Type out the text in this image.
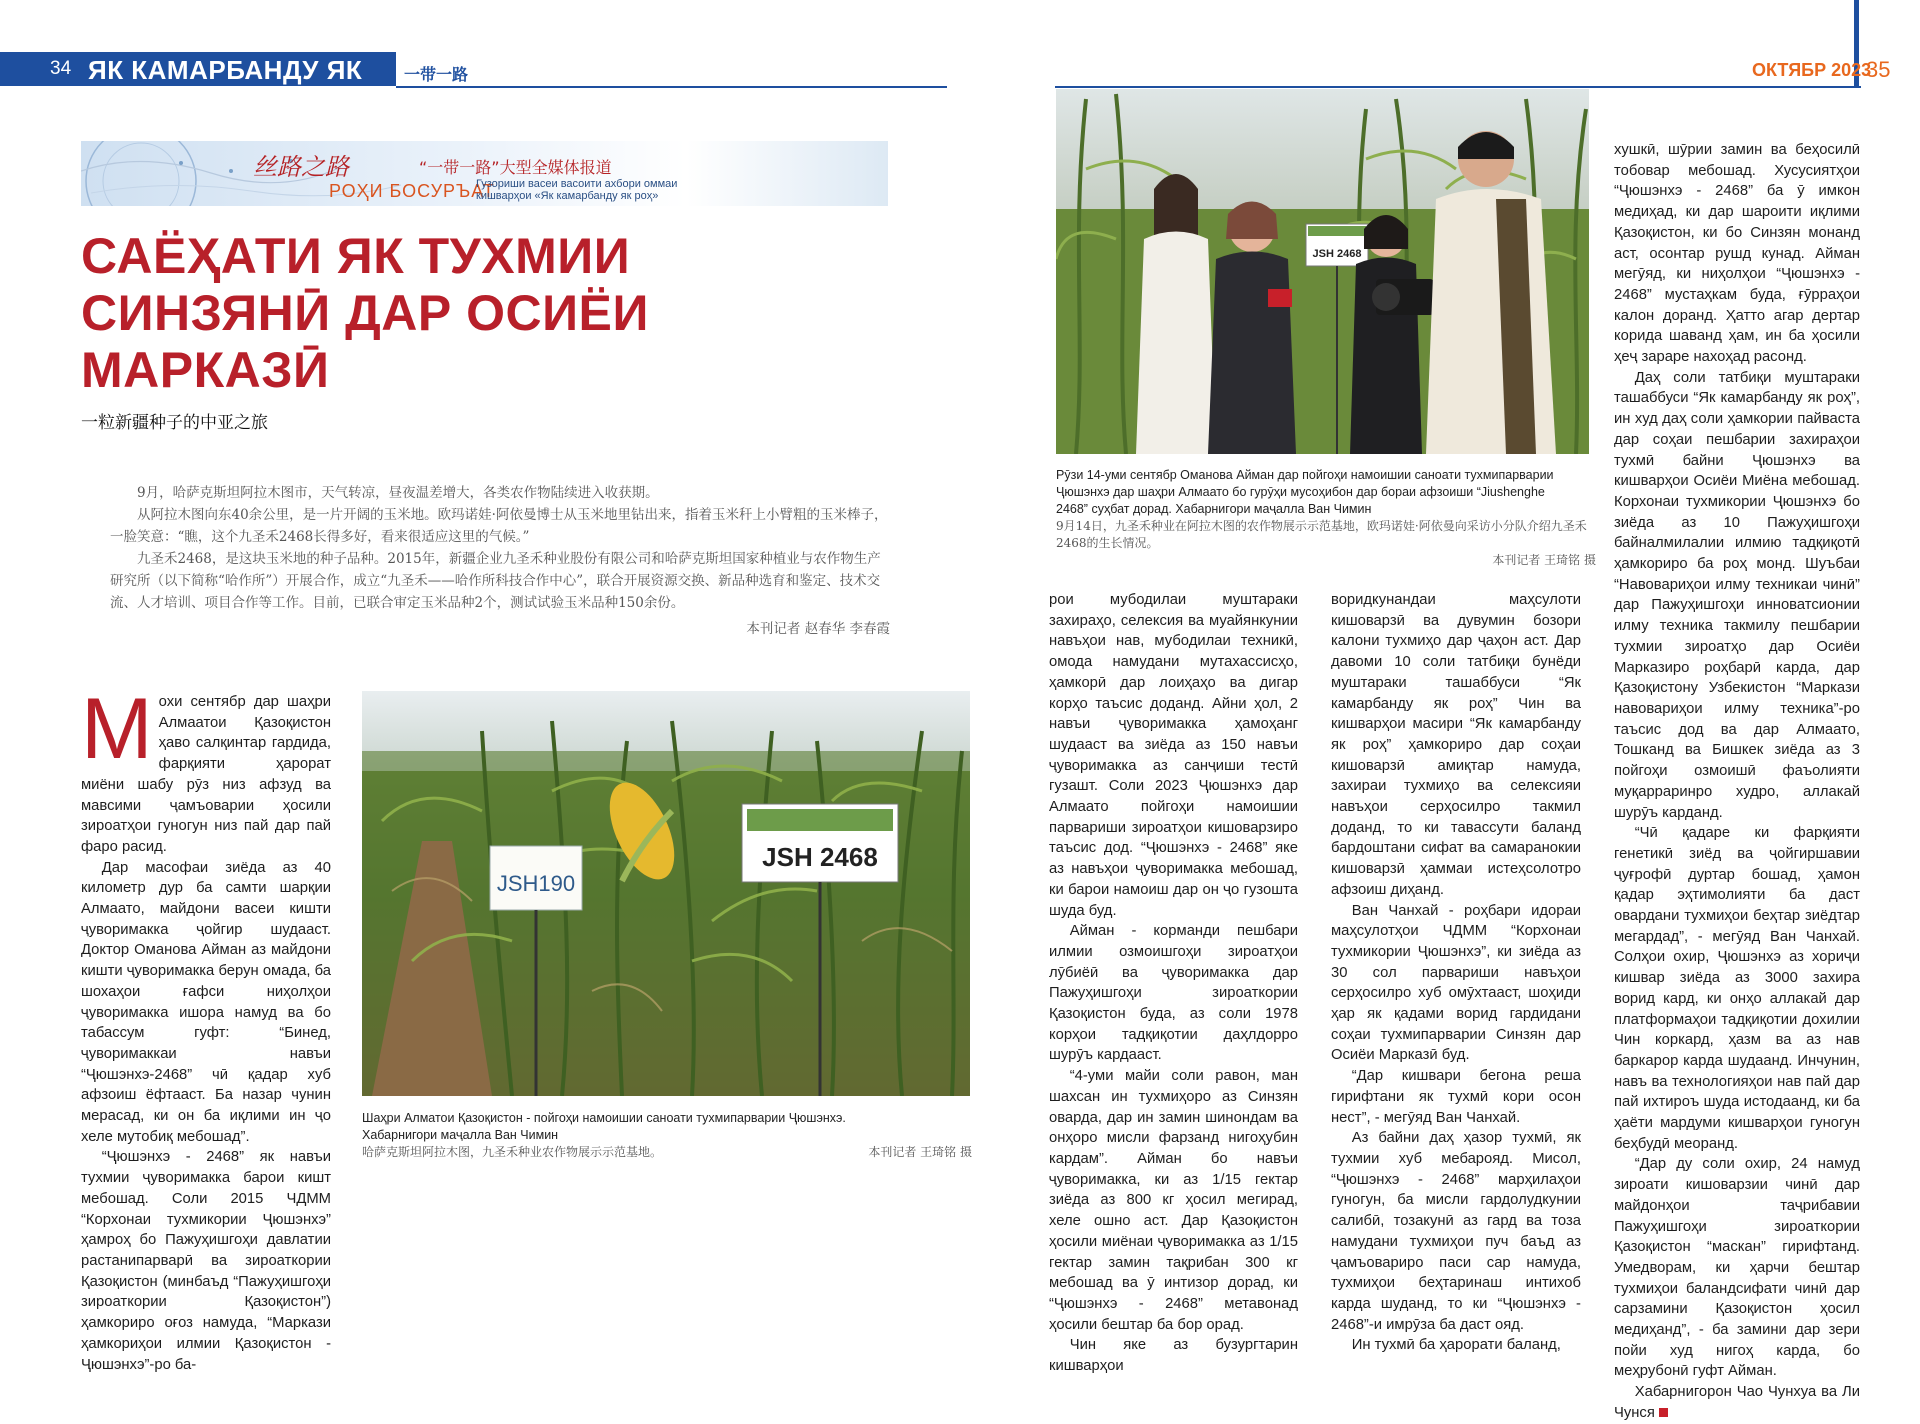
34 ЯК КАМАРБАНДУ ЯК РОҲ
一带一路	ОКТЯБР 2023
35
丝路之路	“一带一路”大型全媒体报道
РОҲИ БОСУРЪАТ
Гузориши васеи васоити ахбори оммаи
кишварҳои «Як камарбанду як роҳ»
САЁҲАТИ ЯК ТУХМИИ
СИНЗЯНӢ ДАР ОСИЁИ
МАРКАЗӢ
一粒新疆种子的中亚之旅

9月，哈萨克斯坦阿拉木图市，天气转凉，昼夜温差增大，各类农作物陆续进入收获期。

从阿拉木图向东40余公里，是一片开阔的玉米地。欧玛诺娃·阿依曼博士从玉米地里钻出来，指着玉米秆上小臂粗的玉米棒子，一脸笑意：“瞧，这个九圣禾2468长得多好，看来很适应这里的气候。”

九圣禾2468，是这块玉米地的种子品种。2015年，新疆企业九圣禾种业股份有限公司和哈萨克斯坦国家种植业与农作物生产研究所（以下简称“哈作所”）开展合作，成立“九圣禾——哈作所科技合作中心”，联合开展资源交换、新品种选育和鉴定、技术交流、人才培训、项目合作等工作。目前，已联合审定玉米品种2个，测试试验玉米品种150余份。

本刊记者 赵春华 李春霞

JSH190
JSH 2468
Шаҳри Алматои Қазоқистон - пойгоҳи намоишии саноати тухмипарварии Ҷюшэнхэ.
Хабарнигори маҷалла Ван Чимин
哈萨克斯坦阿拉木图，九圣禾种业农作物展示示范基地。	本刊记者 王琦铭 摄
JSH 2468
Рӯзи 14-уми сентябр Оманова Айман дар пойгоҳи намоишии саноати тухмипарварии
Ҷюшэнхэ дар шаҳри Алмаато бо гурӯҳи мусоҳибон дар бораи афзоиши “Jiushenghe
2468” суҳбат дорад. Хабарнигори маҷалла Ван Чимин
9月14日，九圣禾种业在阿拉木图的农作物展示示范基地，欧玛诺娃·阿依曼向采访小分队介绍九圣禾2468的生长情况。

本刊记者 王琦铭 摄

Мохи сентябр дар шаҳри Алмаатои Қазоқистон ҳаво салқинтар гардида, фарқияти ҳарорат миёни шабу рӯз низ афзуд ва мавсими ҷамъоварии ҳосили зироатҳои гуногун низ пай дар пай фаро расид.

Дар масофаи зиёда аз 40 километр дур ба самти шарқии Алмаато, майдони васеи кишти ҷуворимакка ҷойгир шудааст. Доктор Оманова Айман аз майдони кишти ҷуворимакка берун омада, ба шохаҳои ғафси ниҳолҳои ҷуворимакка ишора намуд ва бо табассум гуфт: “Бинед, ҷуворимаккаи навъи “Ҷюшэнхэ-2468” чӣ қадар хуб афзоиш ёфтааст. Ба назар чунин мерасад, ки он ба иқлими ин ҷо хеле мутобиқ мебошад”.

“Ҷюшэнхэ - 2468” як навъи тухмии ҷуворимакка барои кишт мебошад. Соли 2015 ЧДММ “Корхонаи тухмикории Ҷюшэнхэ” ҳамроҳ бо Пажуҳишгоҳи давлатии растанипарварӣ ва зироаткории Қазоқистон (минбаъд “Пажуҳишгоҳи зироаткории Қазоқистон”) ҳамкориро оғоз намуда, “Маркази ҳамкориҳои илмии Қазоқистон - Ҷюшэнхэ”-ро ба-

рои мубодилаи муштараки захираҳо, селексия ва муайянкунии навъҳои нав, мубодилаи техникӣ, омода намудани мутахассисҳо, ҳамкорӣ дар лоиҳаҳо ва дигар корҳо таъсис доданд. Айни ҳол, 2 навъи ҷуворимакка ҳамоҳанг шудааст ва зиёда аз 150 навъи ҷуворимакка аз санҷиши тестӣ гузашт. Соли 2023 Ҷюшэнхэ дар Алмаато пойгоҳи намоишии парвариши зироатҳои кишоварзиро таъсис дод. “Ҷюшэнхэ - 2468” яке аз навъҳои ҷуворимакка мебошад, ки барои намоиш дар он ҷо гузошта шуда буд.

Айман - корманди пешбари илмии озмоишгоҳи зироатҳои лӯбиёӣ ва ҷуворимакка дар Пажуҳишгоҳи зироаткории Қазоқистон буда, аз соли 1978 корҳои тадқиқотии даҳлдорро шурӯъ кардааст.

“4-уми майи соли равон, ман шахсан ин тухмиҳоро аз Синзян оварда, дар ин замин шинондам ва онҳоро мисли фарзанд нигоҳубин кардам”. Айман бо навъи ҷуворимакка, ки аз 1/15 гектар зиёда аз 800 кг ҳосил мегирад, хеле ошно аст. Дар Қазоқистон ҳосили миёнаи ҷуворимакка аз 1/15 гектар замин тақрибан 300 кг мебошад ва ӯ интизор дорад, ки “Ҷюшэнхэ - 2468” метавонад ҳосили бештар ба бор орад.

Чин яке аз бузургтарин кишварҳои

воридкунандаи маҳсулоти кишоварзӣ ва дувумин бозори калони тухмиҳо дар ҷаҳон аст. Дар давоми 10 соли татбиқи бунёди муштараки ташаббуси “Як камарбанду як роҳ” Чин ва кишварҳои масири “Як камарбанду як роҳ” ҳамкориро дар соҳаи кишоварзӣ амиқтар намуда, захираи тухмиҳо ва селексияи навъҳои серҳосилро такмил доданд, то ки тавассути баланд бардоштани сифат ва самаранокии кишоварзӣ ҳаммаи истеҳсолотро афзоиш диҳанд.

Ван Чанхай - роҳбари идораи маҳсулотҳои ЧДММ “Корхонаи тухмикории Ҷюшэнхэ”, ки зиёда аз 30 сол парвариши навъҳои серҳосилро хуб омӯхтааст, шоҳиди ҳар як қадами ворид гардидани соҳаи тухмипарварии Синзян дар Осиёи Марказӣ буд.

“Дар кишвари бегона реша гирифтани як тухмӣ кори осон нест”, - мегӯяд Ван Чанхай.

Аз байни даҳ ҳазор тухмӣ, як тухмии хуб мебарояд. Мисол, “Ҷюшэнхэ - 2468” марҳилаҳои гуногун, ба мисли гардолудкунии салибӣ, тозакунӣ аз гард ва тоза намудани тухмиҳои пуч баъд аз ҷамъовариро паси сар намуда, тухмиҳои беҳтаринаш интихоб карда шуданд, то ки “Ҷюшэнхэ - 2468”-и имрӯза ба даст ояд.

Ин тухмӣ ба ҳарорати баланд,

хушкӣ, шӯрии замин ва беҳосилӣ тобовар мебошад. Хусусиятҳои “Ҷюшэнхэ - 2468” ба ӯ имкон медиҳад, ки дар шароити иқлими Қазоқистон, ки бо Синзян монанд аст, осонтар рушд кунад. Айман мегӯяд, ки ниҳолҳои “Ҷюшэнхэ - 2468” мустаҳкам буда, ғӯрраҳои калон доранд. Ҳатто агар дертар корида шаванд ҳам, ин ба ҳосили ҳеҷ зараре нахоҳад расонд.

Даҳ соли татбиқи муштараки ташаббуси “Як камарбанду як роҳ”, ин худ даҳ соли ҳамкории пайваста дар соҳаи пешбарии захираҳои тухмӣ байни Ҷюшэнхэ ва кишварҳои Осиёи Миёна мебошад. Корхонаи тухмикории Ҷюшэнхэ бо зиёда аз 10 Пажуҳишгоҳи байналмилалии илмию тадқиқотӣ ҳамкориро ба роҳ монд. Шуъбаи “Навовариҳои илму техникаи чинӣ” дар Пажуҳишгоҳи инноватсионии илму техника такмилу пешбарии тухмии зироатҳо дар Осиёи Марказиро роҳбарӣ карда, дар Қазоқистону Узбекистон “Маркази навовариҳои илму техника”-ро таъсис дод ва дар Алмаато, Тошканд ва Бишкек зиёда аз 3 пойгоҳи озмоишӣ фаъолияти муқарраринро худро, аллакай шурӯъ карданд.

“Чӣ қадаре ки фарқияти генетикӣ зиёд ва ҷойгиршавии ҷуғрофӣ дуртар бошад, ҳамон қадар эҳтимолияти ба даст овардани тухмиҳои беҳтар зиёдтар мегардад”, - мегӯяд Ван Чанхай. Солҳои охир, Ҷюшэнхэ аз хориҷи кишвар зиёда аз 3000 захира ворид кард, ки онҳо аллакай дар платформаҳои тадқиқотии дохилии Чин коркард, ҳазм ва аз нав баркарор карда шудаанд. Инчунин, навъ ва технологияҳои нав пай дар пай ихтироъ шуда истодаанд, ки ба ҳаёти мардуми кишварҳои гуногун беҳбудӣ меоранд.

“Дар ду соли охир, 24 намуд зироати кишоварзии чинӣ дар майдонҳои таҷрибавии Пажуҳишгоҳи зироаткории Қазоқистон “маскан” гирифтанд. Умедворам, ки ҳарчи бештар тухмиҳои баландсифати чинӣ дар сарзамини Қазоқистон ҳосил медиҳанд”, - ба замини дар зери пойи худ нигоҳ карда, бо меҳрубонӣ гуфт Айман.

Хабарнигорон Чао Чунхуа ва Ли Чунся
